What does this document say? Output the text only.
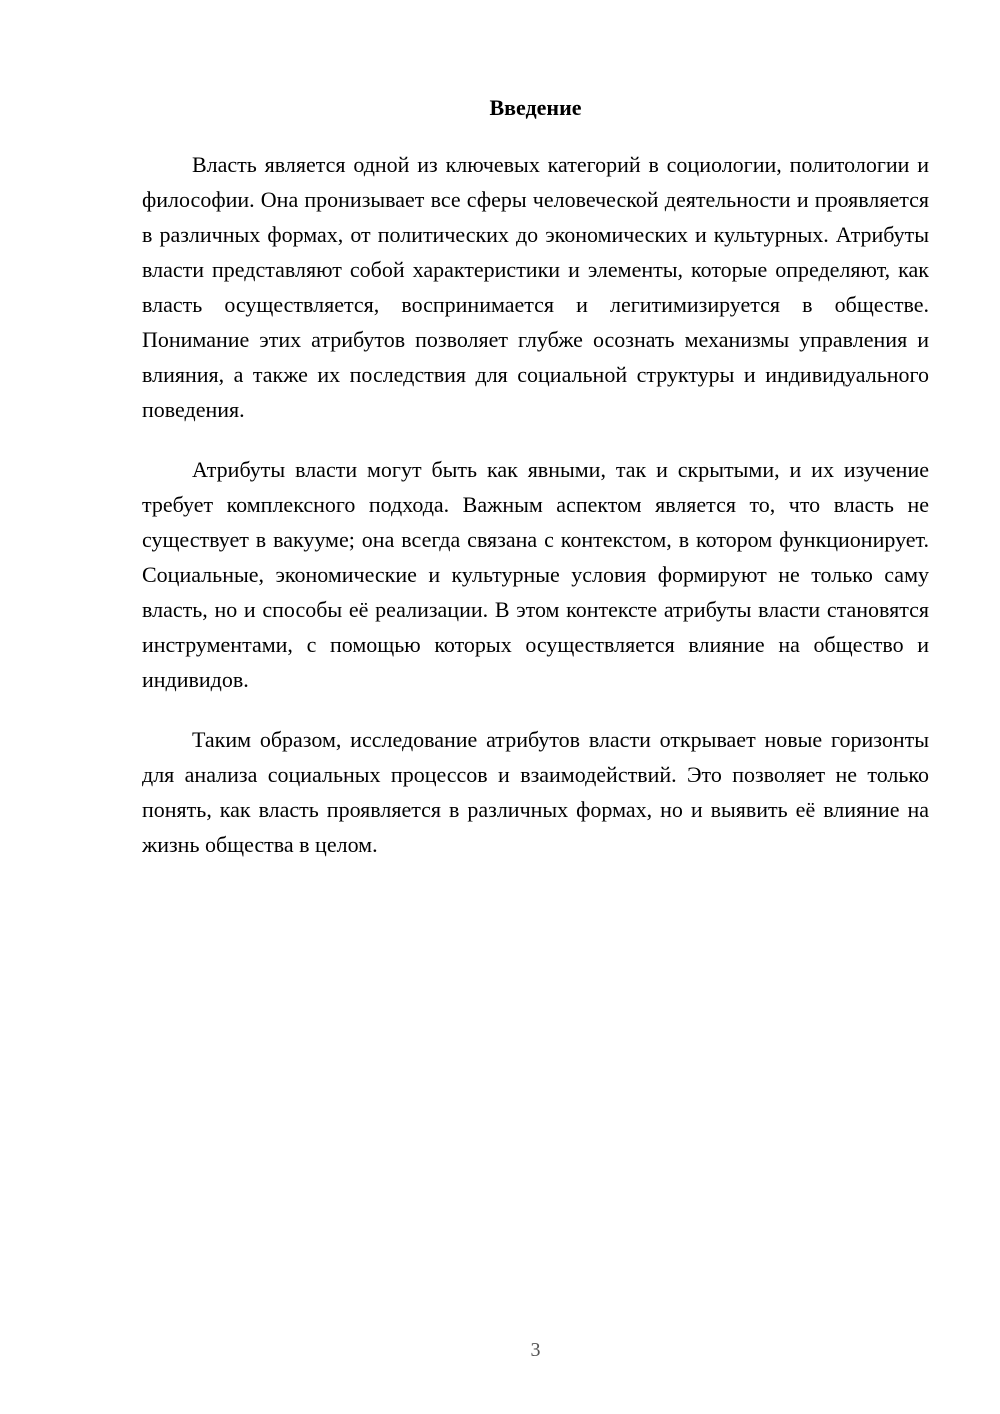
Введение

Власть является одной из ключевых категорий в социологии, политологии и философии. Она пронизывает все сферы человеческой деятельности и проявляется в различных формах, от политических до экономических и культурных. Атрибуты власти представляют собой характеристики и элементы, которые определяют, как власть осуществляется, воспринимается и легитимизируется в обществе. Понимание этих атрибутов позволяет глубже осознать механизмы управления и влияния, а также их последствия для социальной структуры и индивидуального поведения.

Атрибуты власти могут быть как явными, так и скрытыми, и их изучение требует комплексного подхода. Важным аспектом является то, что власть не существует в вакууме; она всегда связана с контекстом, в котором функционирует. Социальные, экономические и культурные условия формируют не только саму власть, но и способы её реализации. В этом контексте атрибуты власти становятся инструментами, с помощью которых осуществляется влияние на общество и индивидов.

Таким образом, исследование атрибутов власти открывает новые горизонты для анализа социальных процессов и взаимодействий. Это позволяет не только понять, как власть проявляется в различных формах, но и выявить её влияние на жизнь общества в целом.

3
